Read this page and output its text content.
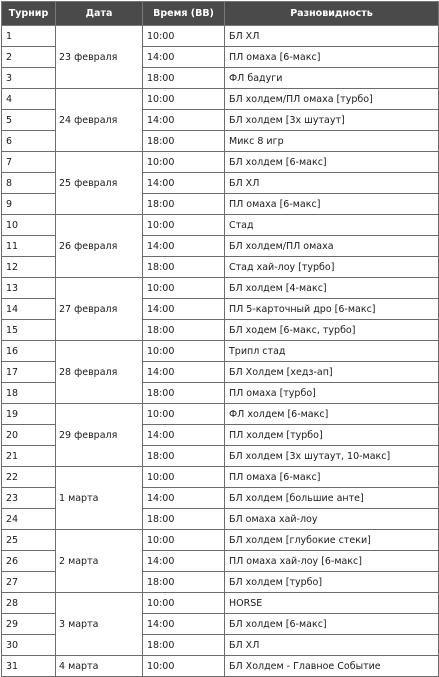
Турнир	Дата	Время (ВВ)	Разновидность
1	23 февраля	10:00	БЛ ХЛ
2		14:00	ПЛ омаха [6-макс]
3		18:00	ФЛ бадуги
4	24 февраля	10:00	БЛ холдем/ПЛ омаха [турбо]
5		14:00	БЛ холдем [3х шутаут]
6		18:00	Микс 8 игр
7	25 февраля	10:00	БЛ холдем [6-макс]
8		14:00	БЛ ХЛ
9		18:00	ПЛ омаха [6-макс]
10	26 февраля	10:00	Стад
11		14:00	БЛ холдем/ПЛ омаха
12		18:00	Стад хай-лоу [турбо]
13	27 февраля	10:00	БЛ холдем [4-макс]
14		14:00	ПЛ 5-карточный дро [6-макс]
15		18:00	БЛ ходем [6-макс, турбо]
16	28 февраля	10:00	Трипл стад
17		14:00	БЛ Холдем [хедз-ап]
18		18:00	ПЛ омаха [турбо]
19	29 февраля	10:00	ФЛ холдем [6-макс]
20		14:00	ПЛ холдем [турбо]
21		18:00	БЛ холдем [3х шутаут, 10-макс]
22	1 марта	10:00	ПЛ омаха [6-макс]
23		14:00	БЛ холдем [большие анте]
24		18:00	БЛ омаха хай-лоу
25	2 марта	10:00	БЛ холдем [глубокие стеки]
26		14:00	ПЛ омаха хай-лоу [6-макс]
27		18:00	БЛ холдем [турбо]
28	3 марта	10:00	HORSE
29		14:00	БЛ холдем [6-макс]
30		18:00	БЛ ХЛ
31	4 марта	10:00	БЛ Холдем - Главное Событие
